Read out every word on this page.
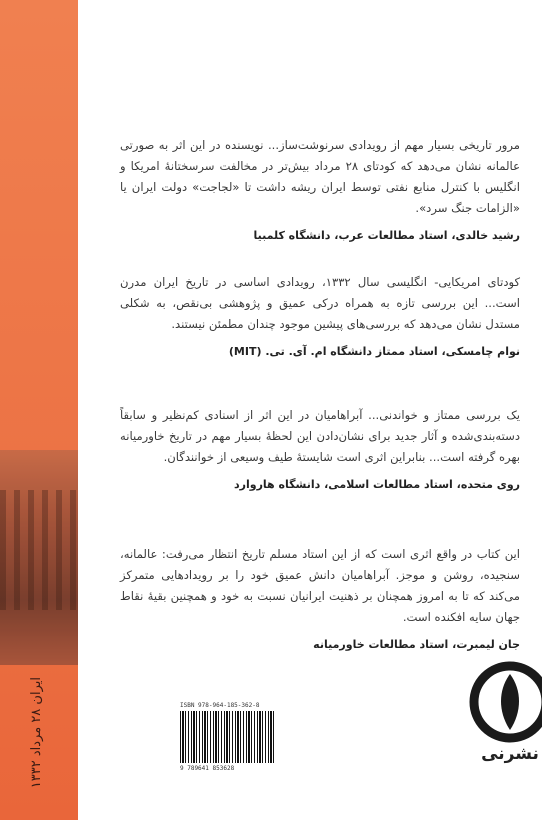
ایران ۲۸ مرداد ۱۳۳۲

مرور تاریخی بسیار مهم از رویدادی سرنوشت‌ساز... نویسنده در این اثر به صورتی عالمانه نشان می‌دهد که کودتای ۲۸ مرداد بیش‌تر در مخالفت سرسختانهٔ امریکا و انگلیس با کنترل منابع نفتی توسط ایران ریشه داشت تا «لجاجت» دولت ایران یا «الزامات جنگ سرد».

رشید خالدی، استاد مطالعات عرب، دانشگاه کلمبیا

کودتای امریکایی- انگلیسی سال ۱۳۳۲، رویدادی اساسی در تاریخ ایران مدرن است... این بررسی تازه به همراه درکی عمیق و پژوهشی بی‌نقص، به شکلی مستدل نشان می‌دهد که بررسی‌های پیشین موجود چندان مطمئن نیستند.

نوام چامسکی، استاد ممتاز دانشگاه ام. آی. تی. (MIT)

یک بررسی ممتاز و خواندنی... آبراهامیان در این اثر از اسنادی کم‌نظیر و سابقاً دسته‌بندی‌شده و آثار جدید برای نشان‌دادن این لحظهٔ بسیار مهم در تاریخ خاورمیانه بهره گرفته است... بنابراین اثری است شایستهٔ طیف وسیعی از خوانندگان.

روی متحده، استاد مطالعات اسلامی، دانشگاه هاروارد

این کتاب در واقع اثری است که از این استاد مسلم تاریخ انتظار می‌رفت: عالمانه، سنجیده، روشن و موجز. آبراهامیان دانش عمیق خود را بر رویدادهایی متمرکز می‌کند که تا به امروز همچنان بر ذهنیت ایرانیان نسبت به خود و همچنین بقیهٔ نقاط جهان سایه افکنده است.

جان لیمبرت، استاد مطالعات خاورمیانه

ISBN 978-964-185-362-8
9 789641 853628
نشرنی
